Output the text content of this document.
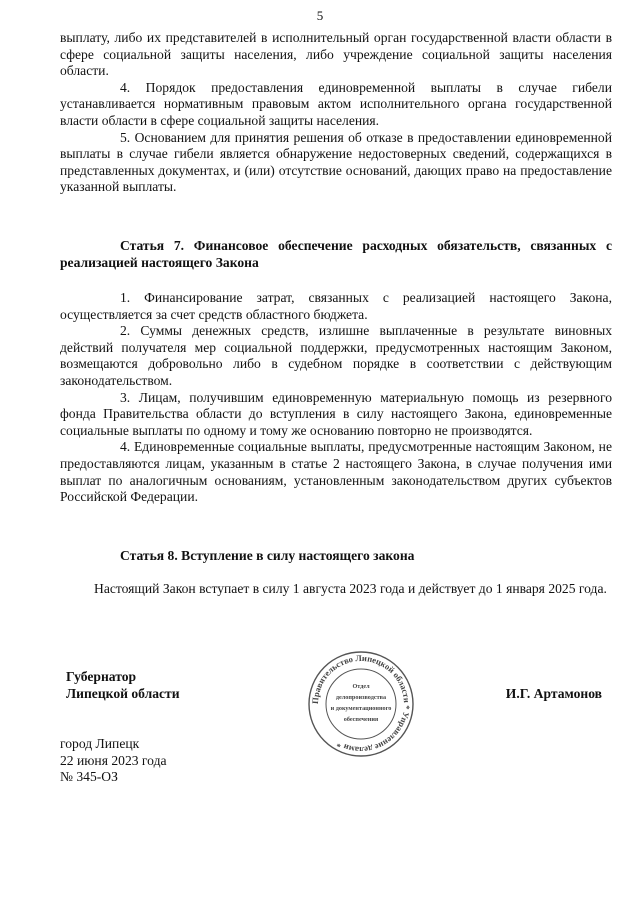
5

выплату, либо их представителей в исполнительный орган государственной власти области в сфере социальной защиты населения, либо учреждение социальной защиты населения области.

4. Порядок предоставления единовременной выплаты в случае гибели устанавливается нормативным правовым актом исполнительного органа государственной власти области в сфере социальной защиты населения.

5. Основанием для принятия решения об отказе в предоставлении единовременной выплаты в случае гибели является обнаружение недостоверных сведений, содержащихся в представленных документах, и (или) отсутствие оснований, дающих право на предоставление указанной выплаты.

Статья 7. Финансовое обеспечение расходных обязательств, связанных с реализацией настоящего Закона

1. Финансирование затрат, связанных с реализацией настоящего Закона, осуществляется за счет средств областного бюджета.

2. Суммы денежных средств, излишне выплаченные в результате виновных действий получателя мер социальной поддержки, предусмотренных настоящим Законом, возмещаются добровольно либо в судебном порядке в соответствии с действующим законодательством.

3. Лицам, получившим единовременную материальную помощь из резервного фонда Правительства области до вступления в силу настоящего Закона, единовременные социальные выплаты по одному и тому же основанию повторно не производятся.

4. Единовременные социальные выплаты, предусмотренные настоящим Законом, не предоставляются лицам, указанным в статье 2 настоящего Закона, в случае получения ими выплат по аналогичным основаниям, установленным законодательством других субъектов Российской Федерации.

Статья 8. Вступление в силу настоящего закона

Настоящий Закон вступает в силу 1 августа 2023 года и действует до 1 января 2025 года.

Губернатор
Липецкой области	Правительство Липецкой области * Управление делами *
Отдел
делопроизводства
и документационного
обеспечения
И.Г. Артамонов
город Липецк
22 июня 2023 года
№ 345-ОЗ
